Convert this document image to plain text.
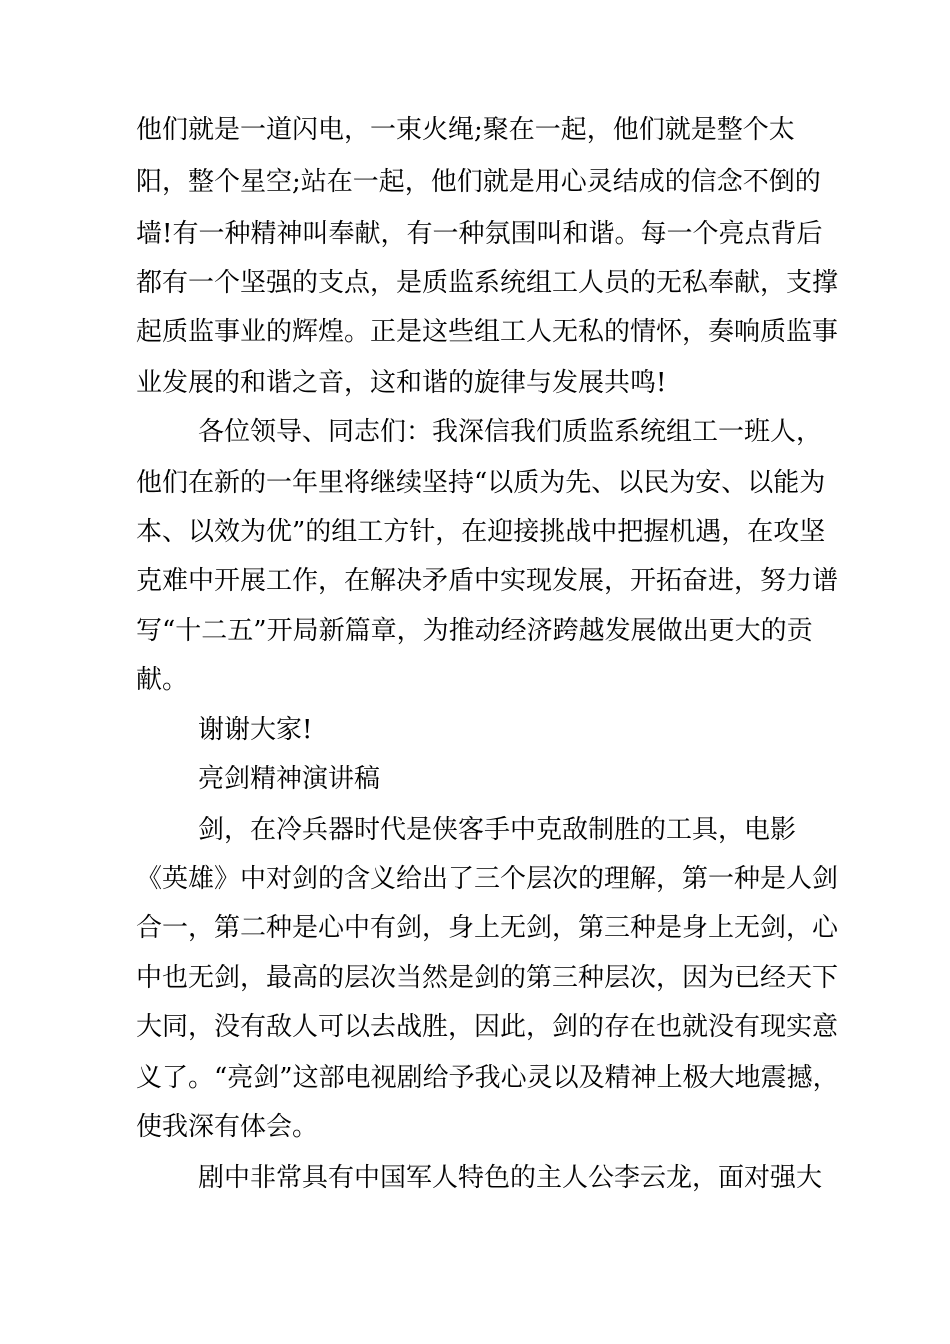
他们就是一道闪电，一束火绳;聚在一起，他们就是整个太
阳，整个星空;站在一起，他们就是用心灵结成的信念不倒的
墙!有一种精神叫奉献，有一种氛围叫和谐。每一个亮点背后
都有一个坚强的支点，是质监系统组工人员的无私奉献，支撑
起质监事业的辉煌。正是这些组工人无私的情怀，奏响质监事
业发展的和谐之音，这和谐的旋律与发展共鸣!
各位领导、同志们：我深信我们质监系统组工一班人，
他们在新的一年里将继续坚持“以质为先、以民为安、以能为
本、以效为优”的组工方针，在迎接挑战中把握机遇，在攻坚
克难中开展工作，在解决矛盾中实现发展，开拓奋进，努力谱
写“十二五”开局新篇章，为推动经济跨越发展做出更大的贡
献。
谢谢大家!
亮剑精神演讲稿
剑，在冷兵器时代是侠客手中克敌制胜的工具，电影
《英雄》中对剑的含义给出了三个层次的理解，第一种是人剑
合一，第二种是心中有剑，身上无剑，第三种是身上无剑，心
中也无剑，最高的层次当然是剑的第三种层次，因为已经天下
大同，没有敌人可以去战胜，因此，剑的存在也就没有现实意
义了。“亮剑”这部电视剧给予我心灵以及精神上极大地震撼，
使我深有体会。
剧中非常具有中国军人特色的主人公李云龙，面对强大
